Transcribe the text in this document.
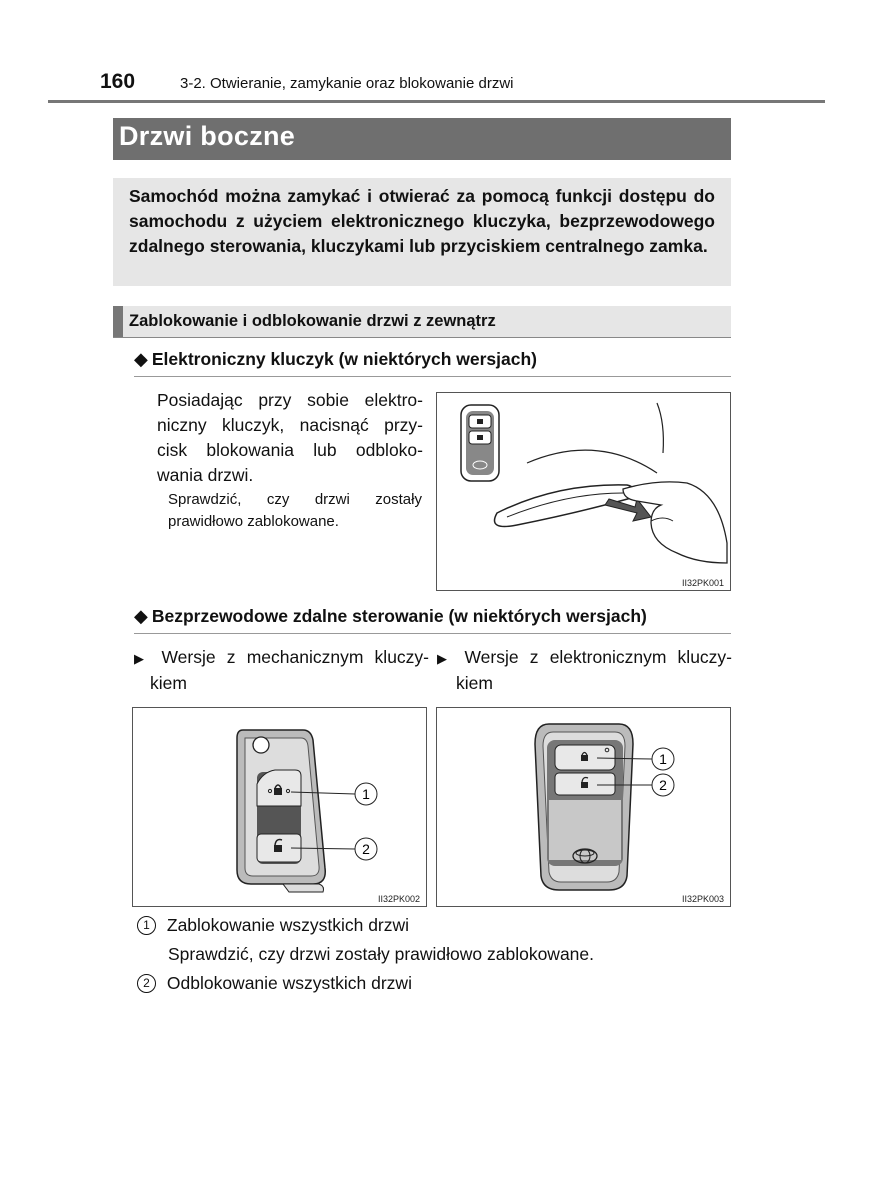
160	3-2. Otwieranie, zamykanie oraz blokowanie drzwi
Drzwi boczne

Samochód można zamykać i otwierać za pomocą funkcji dostępu do samochodu z użyciem elektronicznego kluczyka, bezprzewodowego zdalnego sterowania, kluczykami lub przyciskiem centralnego zamka.

Zablokowanie i odblokowanie drzwi z zewnątrz
◆ Elektroniczny kluczyk (w niektórych wersjach)
Posiadając przy sobie elektro-
niczny kluczyk, nacisnąć przy-
cisk blokowania lub odbloko-
wania drzwi.
Sprawdzić, czy drzwi zostały
prawidłowo zablokowane.
II32PK001
◆ Bezprzewodowe zdalne sterowanie (w niektórych wersjach)
▶ Wersje z mechanicznym kluczy-
kiem
▶ Wersje z elektronicznym kluczy-
kiem
1
2
II32PK002
1
2
II32PK003
1 Zablokowanie wszystkich drzwi
Sprawdzić, czy drzwi zostały prawidłowo zablokowane.
2 Odblokowanie wszystkich drzwi
